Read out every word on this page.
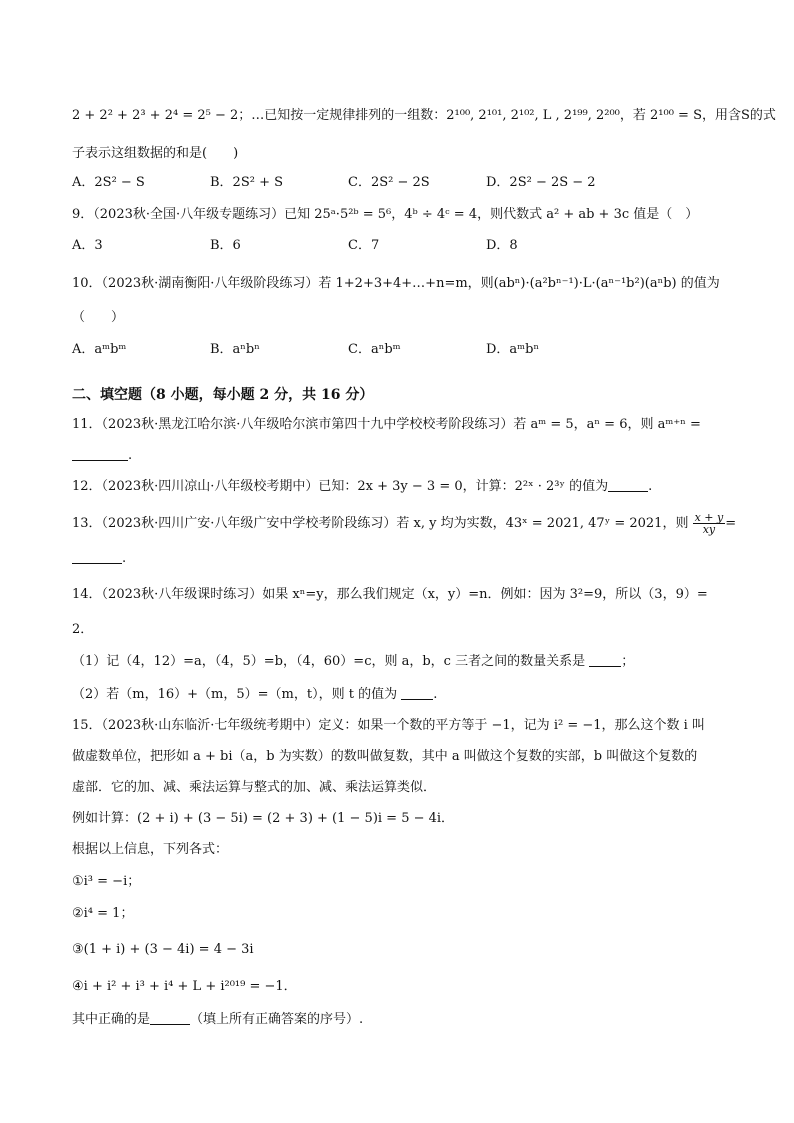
2 + 2² + 2³ + 2⁴ = 2⁵ − 2；…已知按一定规律排列的一组数：2¹⁰⁰, 2¹⁰¹, 2¹⁰², L , 2¹⁹⁹, 2²⁰⁰，若 2¹⁰⁰ = S，用含S的式
子表示这组数据的和是(　　)
A．2S² − S	B．2S² + S	C．2S² − 2S	D．2S² − 2S − 2
9．（2023秋·全国·八年级专题练习）已知 25ᵃ·5²ᵇ = 5⁶，4ᵇ ÷ 4ᶜ = 4，则代数式 a² + ab + 3c 值是（　）
A．3	B．6	C．7	D．8
10．（2023秋·湖南衡阳·八年级阶段练习）若 1+2+3+4+…+n=m，则(abⁿ)·(a²bⁿ⁻¹)·L·(aⁿ⁻¹b²)(aⁿb) 的值为
（　　）
A．aᵐbᵐ	B．aⁿbⁿ	C．aⁿbᵐ	D．aᵐbⁿ
二、填空题（8 小题，每小题 2 分，共 16 分）
11．（2023秋·黑龙江哈尔滨·八年级哈尔滨市第四十九中学校校考阶段练习）若 aᵐ = 5，aⁿ = 6，则 aᵐ⁺ⁿ =
.
12．（2023秋·四川凉山·八年级校考期中）已知：2x + 3y − 3 = 0，计算：2²ˣ · 2³ʸ 的值为	.
13．（2023秋·四川广安·八年级广安中学校考阶段练习）若 x, y 均为实数，43ˣ = 2021, 47ʸ = 2021，则 $\frac{x + y}{xy}$ =
.
14．（2023秋·八年级课时练习）如果 xⁿ=y，那么我们规定（x，y）=n．例如：因为 3²=9，所以（3，9）=
2．
（1）记（4，12）=a，（4，5）=b，（4，60）=c，则 a，b，c 三者之间的数量关系是	；
（2）若（m，16）+（m，5）=（m，t），则 t 的值为	.
15．（2023秋·山东临沂·七年级统考期中）定义：如果一个数的平方等于 −1，记为 i² = −1，那么这个数 i 叫
做虚数单位，把形如 a + bi（a，b 为实数）的数叫做复数，其中 a 叫做这个复数的实部，b 叫做这个复数的
虚部．它的加、减、乘法运算与整式的加、减、乘法运算类似．
例如计算：(2 + i) + (3 − 5i) = (2 + 3) + (1 − 5)i = 5 − 4i．
根据以上信息，下列各式：
①i³ = −i；
②i⁴ = 1；
③(1 + i) + (3 − 4i) = 4 − 3i
④i + i² + i³ + i⁴ + L + i²⁰¹⁹ = −1．
其中正确的是	（填上所有正确答案的序号）.
